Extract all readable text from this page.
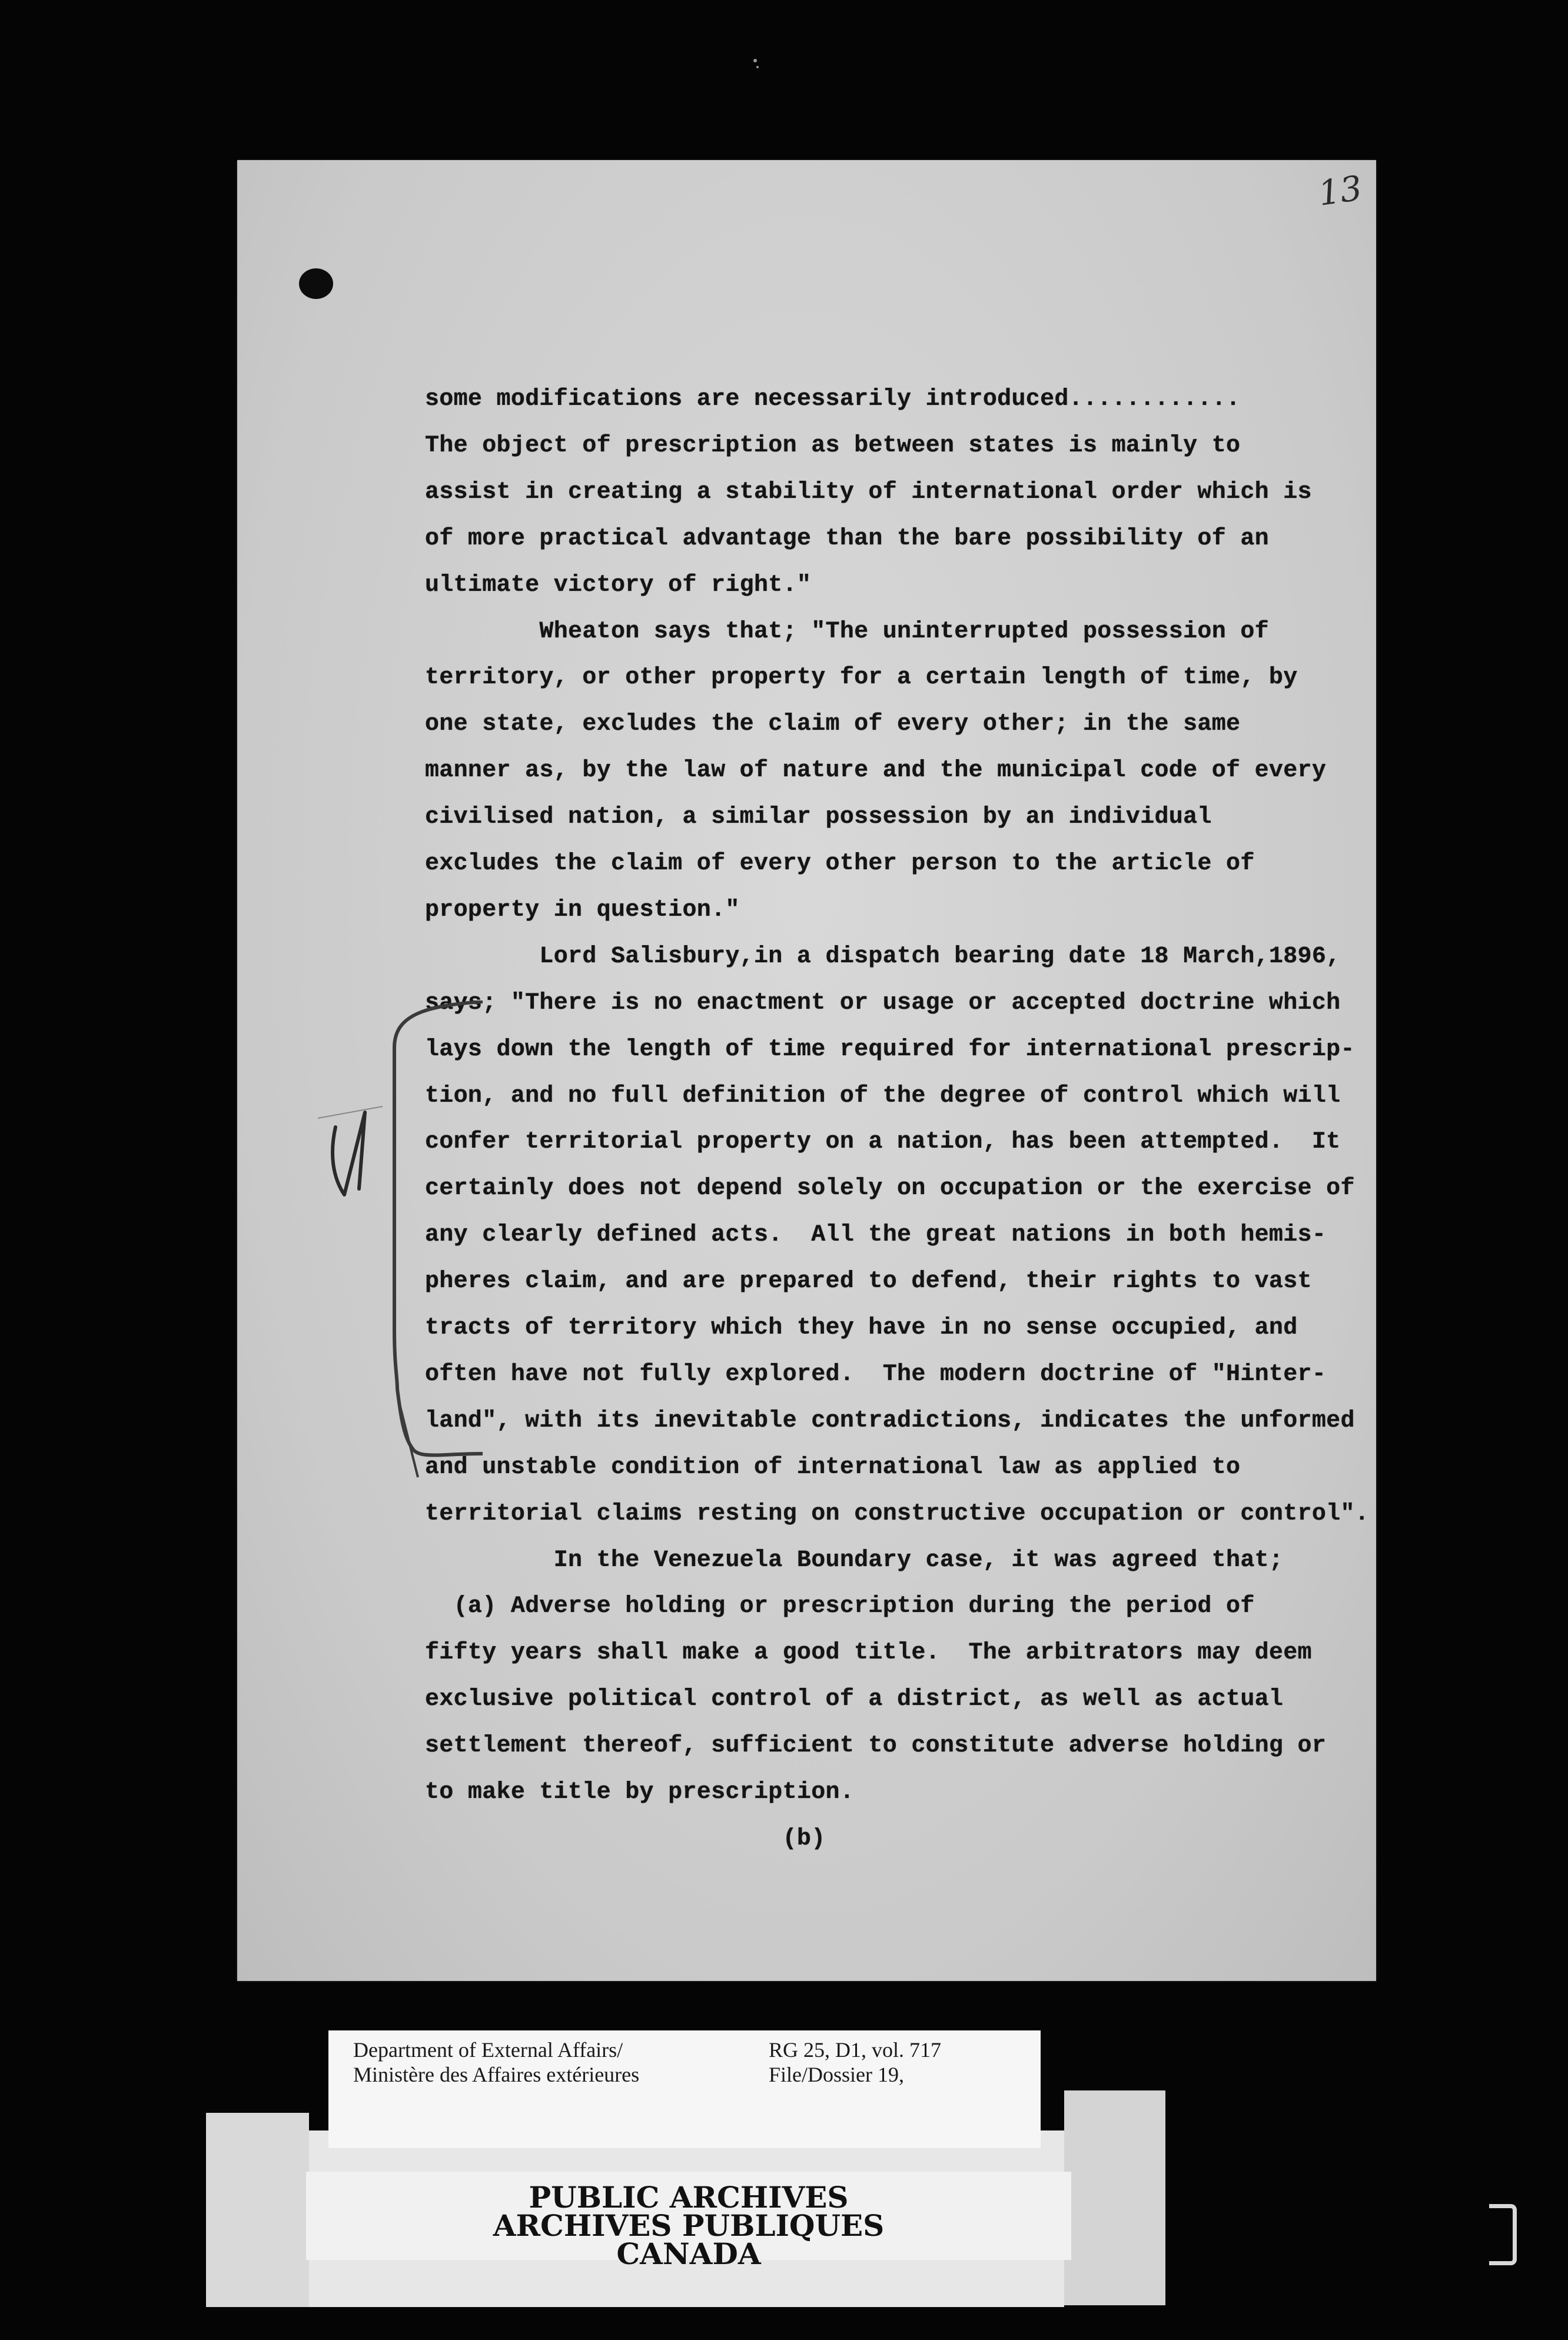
13
some modifications are necessarily introduced............
The object of prescription as between states is mainly to
assist in creating a stability of international order which is
of more practical advantage than the bare possibility of an
ultimate victory of right."
Wheaton says that; "The uninterrupted possession of
territory, or other property for a certain length of time, by
one state, excludes the claim of every other; in the same
manner as, by the law of nature and the municipal code of every
civilised nation, a similar possession by an individual
excludes the claim of every other person to the article of
property in question."
Lord Salisbury,in a dispatch bearing date 18 March,1896,
says; "There is no enactment or usage or accepted doctrine which
lays down the length of time required for international prescrip-
tion, and no full definition of the degree of control which will
confer territorial property on a nation, has been attempted.  It
certainly does not depend solely on occupation or the exercise of
any clearly defined acts.  All the great nations in both hemis-
pheres claim, and are prepared to defend, their rights to vast
tracts of territory which they have in no sense occupied, and
often have not fully explored.  The modern doctrine of "Hinter-
land", with its inevitable contradictions, indicates the unformed
and unstable condition of international law as applied to
territorial claims resting on constructive occupation or control".
In the Venezuela Boundary case, it was agreed that;
(a) Adverse holding or prescription during the period of
fifty years shall make a good title.  The arbitrators may deem
exclusive political control of a district, as well as actual
settlement thereof, sufficient to constitute adverse holding or
to make title by prescription.
(b)
Department of External Affairs/
Ministère des Affaires extérieures
RG 25, D1, vol. 717
File/Dossier 19,
PUBLIC ARCHIVES
ARCHIVES PUBLIQUES
CANADA
